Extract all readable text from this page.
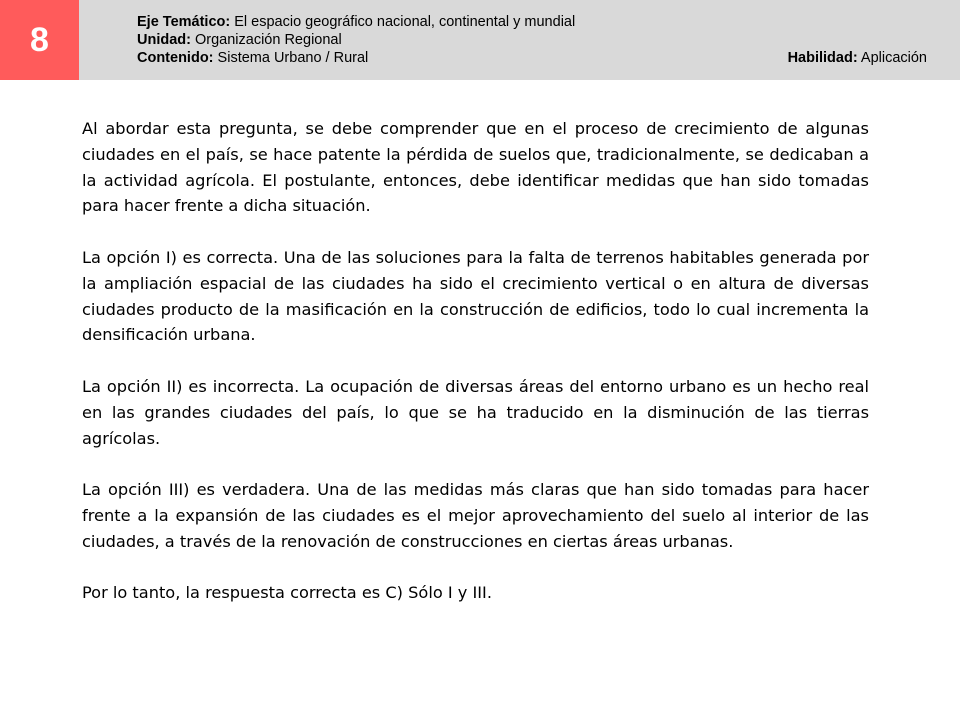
8	Eje Temático: El espacio geográfico nacional, continental y mundial
Unidad: Organización Regional
Contenido: Sistema Urbano / Rural	Habilidad: Aplicación

Al abordar esta pregunta, se debe comprender que en el proceso de crecimiento de algunas ciudades en el país, se hace patente la pérdida de suelos que, tradicionalmente, se dedicaban a la actividad agrícola. El postulante, entonces, debe identificar medidas que han sido tomadas para hacer frente a dicha situación.

La opción I) es correcta. Una de las soluciones para la falta de terrenos habitables generada por la ampliación espacial de las ciudades ha sido el crecimiento vertical o en altura de diversas ciudades producto de la masificación en la construcción de edificios, todo lo cual incrementa la densificación urbana.

La opción II) es incorrecta. La ocupación de diversas áreas del entorno urbano es un hecho real en las grandes ciudades del país, lo que se ha traducido en la disminución de las tierras agrícolas.

La opción III) es verdadera. Una de las medidas más claras que han sido tomadas para hacer frente a la expansión de las ciudades es el mejor aprovechamiento del suelo al interior de las ciudades, a través de la renovación de construcciones en ciertas áreas urbanas.

Por lo tanto, la respuesta correcta es C) Sólo I y III.
